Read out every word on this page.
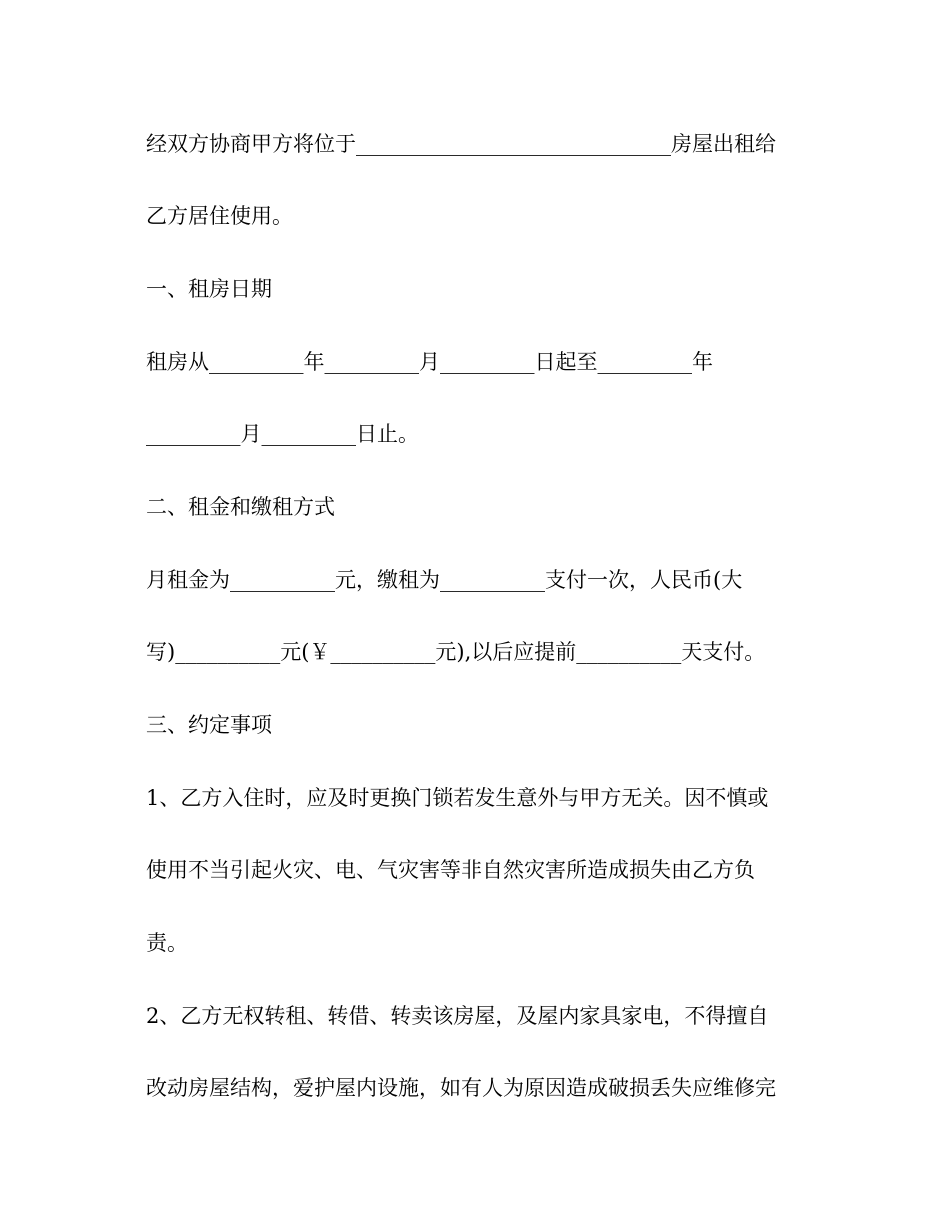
经双方协商甲方将位于______________________________房屋出租给
乙方居住使用。
一、租房日期
租房从_________年_________月_________日起至_________年
_________月_________日止。
二、租金和缴租方式
月租金为__________元，缴租为__________支付一次，人民币(大
写)__________元(￥__________元),以后应提前__________天支付。
三、约定事项
1、乙方入住时，应及时更换门锁若发生意外与甲方无关。因不慎或
使用不当引起火灾、电、气灾害等非自然灾害所造成损失由乙方负
责。
2、乙方无权转租、转借、转卖该房屋，及屋内家具家电，不得擅自
改动房屋结构，爱护屋内设施，如有人为原因造成破损丢失应维修完
